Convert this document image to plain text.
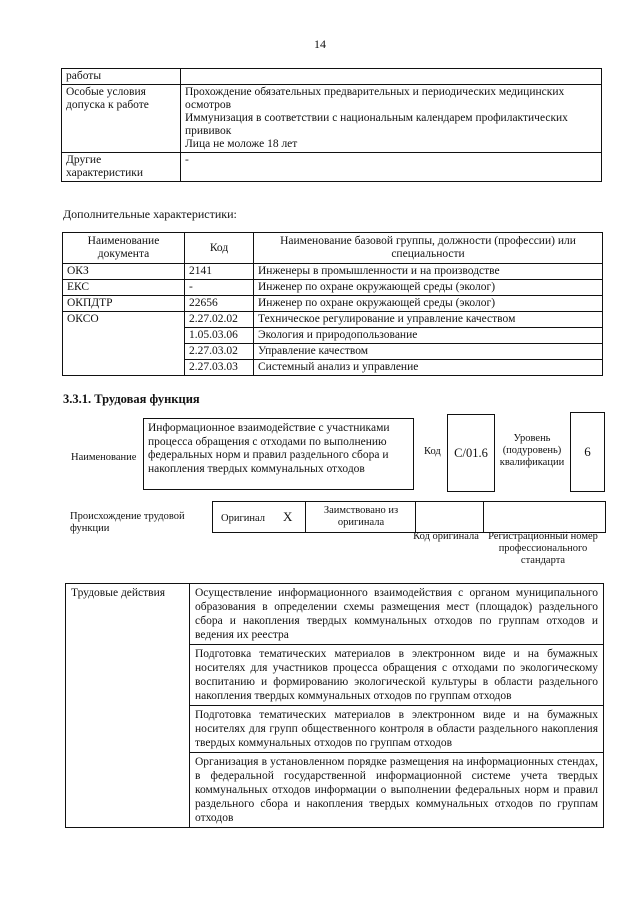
14
работы	
Особые условия допуска к работе	Прохождение обязательных предварительных и периодических медицинских осмотров
Иммунизация в соответствии с национальным календарем профилактических прививок
Лица не моложе 18 лет

Другие характеристики	-
Дополнительные характеристики:
Наименование документа	Код	Наименование базовой группы, должности (профессии) или специальности
ОКЗ	2141	Инженеры в промышленности и на производстве
ЕКС	-	Инженер по охране окружающей среды (эколог)
ОКПДТР	22656	Инженер по охране окружающей среды (эколог)
ОКСО	2.27.02.02	Техническое регулирование и управление качеством
	1.05.03.06	Экология и природопользование
	2.27.03.02	Управление качеством
	2.27.03.03	Системный анализ и управление
3.3.1. Трудовая функция
Наименование
Информационное взаимодействие с участниками процесса обращения с отходами по выполнению федеральных норм и правил раздельного сбора и накопления твердых коммунальных отходов
Код	С/01.6
Уровень (подуровень) квалификации
6
Происхождение трудовой функции
Оригинал X	Заимствовано из оригинала
Код оригинала Регистрационный номер профессионального стандарта
Трудовые действия	Осуществление информационного взаимодействия с органом муниципального образования в определении схемы размещения мест (площадок) раздельного сбора и накопления твердых коммунальных отходов по группам отходов и ведения их реестра
Подготовка тематических материалов в электронном виде и на бумажных носителях для участников процесса обращения с отходами по экологическому воспитанию и формированию экологической культуры в области раздельного накопления твердых коммунальных отходов по группам отходов
Подготовка тематических материалов в электронном виде и на бумажных носителях для групп общественного контроля в области раздельного накопления твердых коммунальных отходов по группам отходов
Организация в установленном порядке размещения на информационных стендах, в федеральной государственной информационной системе учета твердых коммунальных отходов информации о выполнении федеральных норм и правил раздельного сбора и накопления твердых коммунальных отходов по группам отходов
